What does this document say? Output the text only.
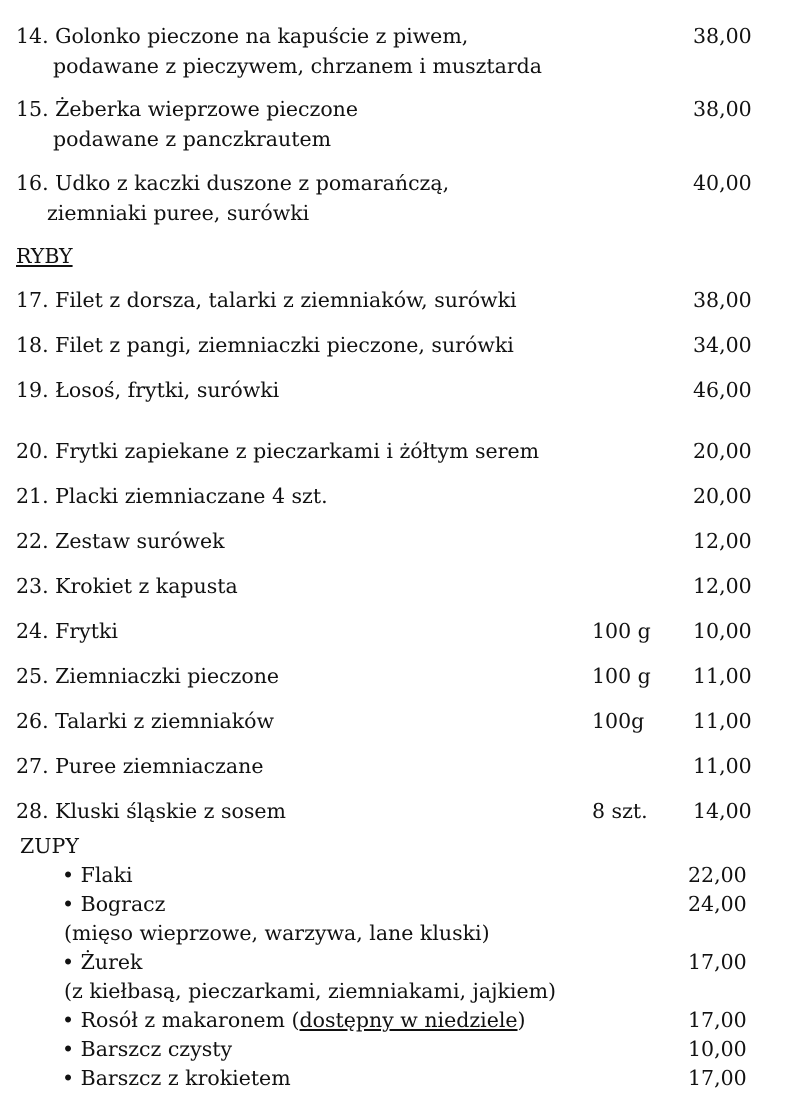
14. Golonko pieczone na kapuście z piwem,
podawane z pieczywem, chrzanem i musztarda
38,00
15. Żeberka wieprzowe pieczone
podawane z panczkrautem
38,00
16. Udko z kaczki duszone z pomarańczą,
ziemniaki puree, surówki
40,00
RYBY
17. Filet z dorsza, talarki z ziemniaków, surówki	38,00
18. Filet z pangi, ziemniaczki pieczone, surówki	34,00
19. Łosoś, frytki, surówki	46,00
20. Frytki zapiekane z pieczarkami i żółtym serem	20,00
21. Placki ziemniaczane 4 szt.	20,00
22. Zestaw surówek	12,00
23. Krokiet z kapusta	12,00
24. Frytki	100 g 10,00
25. Ziemniaczki pieczone	100 g 11,00
26. Talarki z ziemniaków	100g 11,00
27. Puree ziemniaczane	11,00
28. Kluski śląskie z sosem	8 szt. 14,00
ZUPY
• Flaki	22,00
• Bogracz	24,00
(mięso wieprzowe, warzywa, lane kluski)
• Żurek	17,00
(z kiełbasą, pieczarkami, ziemniakami, jajkiem)
• Rosół z makaronem (dostępny w niedziele)	17,00
• Barszcz czysty	10,00
• Barszcz z krokietem	17,00
